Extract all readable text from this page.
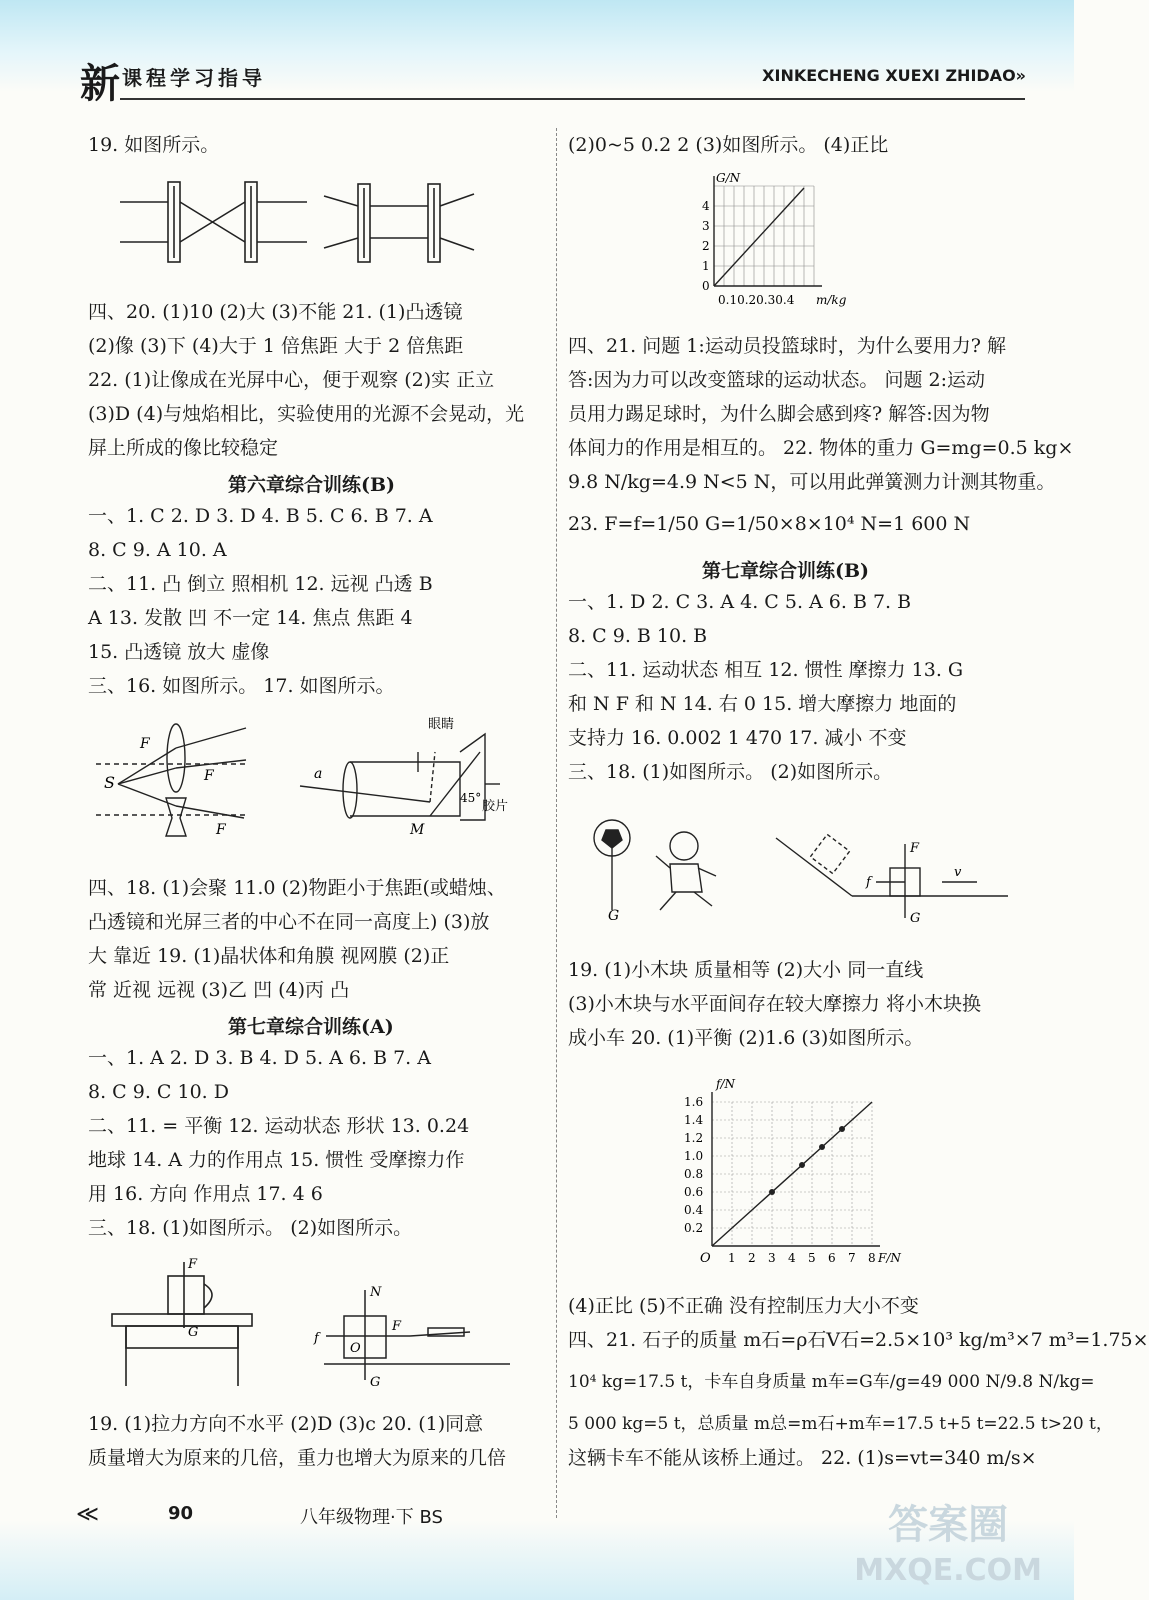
新 课程学习指导	XINKECHENG XUEXI ZHIDAO»
19. 如图所示。
四、20. (1)10 (2)大 (3)不能 21. (1)凸透镜
(2)像 (3)下 (4)大于 1 倍焦距 大于 2 倍焦距
22. (1)让像成在光屏中心，便于观察 (2)实 正立
(3)D (4)与烛焰相比，实验使用的光源不会晃动，光
屏上所成的像比较稳定
第六章综合训练(B)
一、1. C 2. D 3. D 4. B 5. C 6. B 7. A
8. C 9. A 10. A
二、11. 凸 倒立 照相机 12. 远视 凸透 B
A 13. 发散 凹 不一定 14. 焦点 焦距 4
15. 凸透镜 放大 虚像
三、16. 如图所示。 17. 如图所示。
S
F
F
F
a
M
45°
眼睛
胶片
四、18. (1)会聚 11.0 (2)物距小于焦距(或蜡烛、
凸透镜和光屏三者的中心不在同一高度上) (3)放
大 靠近 19. (1)晶状体和角膜 视网膜 (2)正
常 近视 远视 (3)乙 凹 (4)丙 凸
第七章综合训练(A)
一、1. A 2. D 3. B 4. D 5. A 6. B 7. A
8. C 9. C 10. D
二、11. = 平衡 12. 运动状态 形状 13. 0.24
地球 14. A 力的作用点 15. 惯性 受摩擦力作
用 16. 方向 作用点 17. 4 6
三、18. (1)如图所示。 (2)如图所示。
F
G
N
F
f
O
G
19. (1)拉力方向不水平 (2)D (3)c 20. (1)同意
质量增大为原来的几倍，重力也增大为原来的几倍
(2)0~5 0.2 2 (3)如图所示。 (4)正比
G/N
0
1
2
3
4
0.10.20.30.4 m/kg
四、21. 问题 1:运动员投篮球时，为什么要用力? 解
答:因为力可以改变篮球的运动状态。 问题 2:运动
员用力踢足球时，为什么脚会感到疼? 解答:因为物
体间力的作用是相互的。 22. 物体的重力 G=mg=0.5 kg×
9.8 N/kg=4.9 N<5 N，可以用此弹簧测力计测其物重。
23. F=f=1/50 G=1/50×8×10⁴ N=1 600 N
第七章综合训练(B)
一、1. D 2. C 3. A 4. C 5. A 6. B 7. B
8. C 9. B 10. B
二、11. 运动状态 相互 12. 惯性 摩擦力 13. G
和 N F 和 N 14. 右 0 15. 增大摩擦力 地面的
支持力 16. 0.002 1 470 17. 减小 不变
三、18. (1)如图所示。 (2)如图所示。
G
F
f
G
v
19. (1)小木块 质量相等 (2)大小 同一直线
(3)小木块与水平面间存在较大摩擦力 将小木块换
成小车 20. (1)平衡 (2)1.6 (3)如图所示。
f/N
O
0.2
0.4
0.6
0.8
1.0
1.2
1.4
1.6
1 2 3 4 5 6 7 8 F/N
(4)正比 (5)不正确 没有控制压力大小不变
四、21. 石子的质量 m石=ρ石V石=2.5×10³ kg/m³×7 m³=1.75×
10⁴ kg=17.5 t，卡车自身质量 m车=G车/g=49 000 N/9.8 N/kg=
5 000 kg=5 t，总质量 m总=m石+m车=17.5 t+5 t=22.5 t>20 t，
这辆卡车不能从该桥上通过。 22. (1)s=vt=340 m/s×
≪	90	八年级物理·下 BS	答案圈
MXQE.COM
